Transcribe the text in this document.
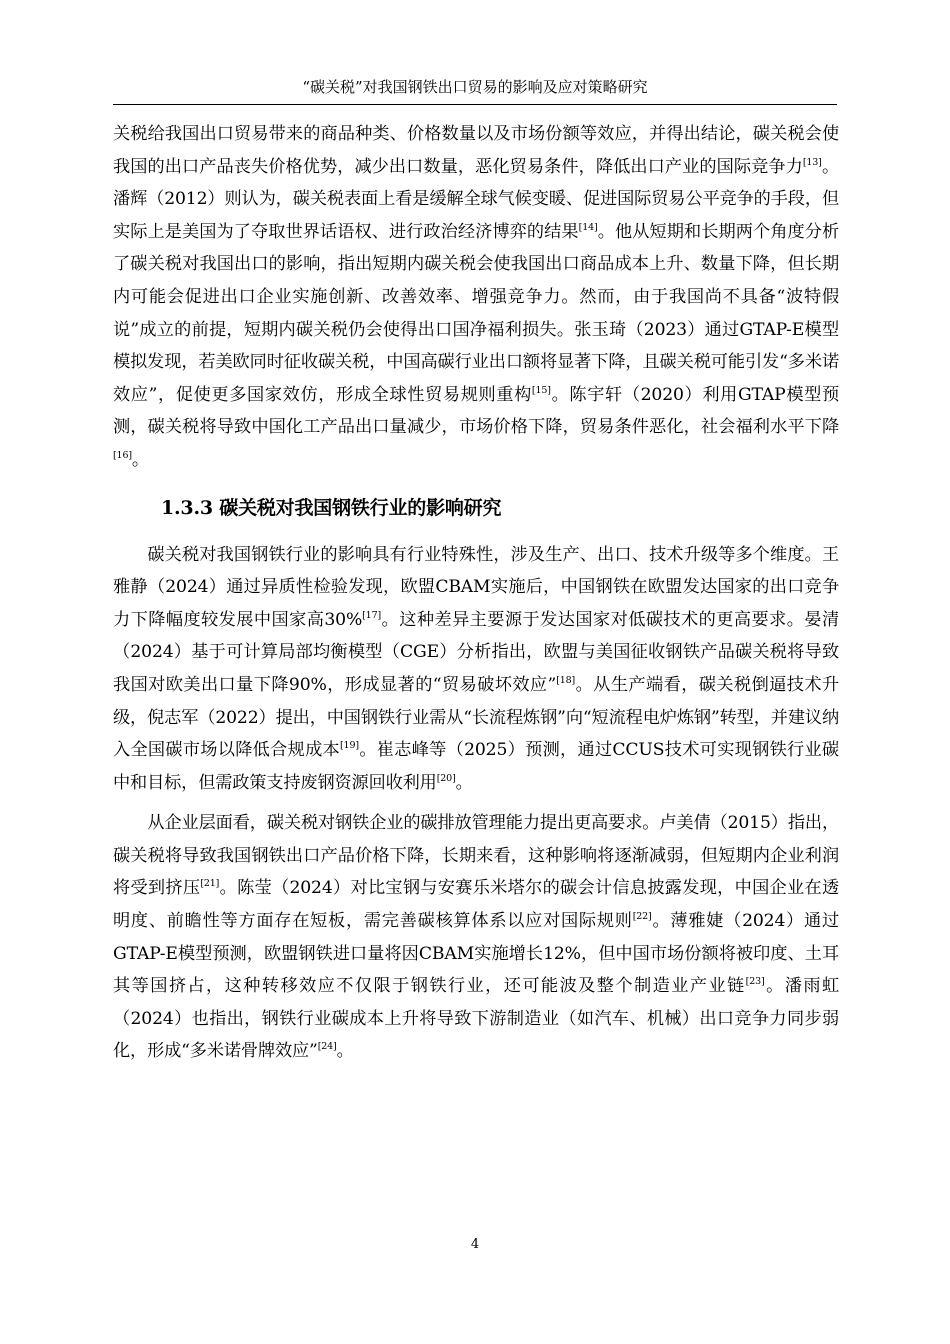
“碳关税”对我国钢铁出口贸易的影响及应对策略研究

关税给我国出口贸易带来的商品种类、价格数量以及市场份额等效应，并得出结论，碳关税会使我国的出口产品丧失价格优势，减少出口数量，恶化贸易条件，降低出口产业的国际竞争力[13]。潘辉（2012）则认为，碳关税表面上看是缓解全球气候变暖、促进国际贸易公平竞争的手段，但实际上是美国为了夺取世界话语权、进行政治经济博弈的结果[14]。他从短期和长期两个角度分析了碳关税对我国出口的影响，指出短期内碳关税会使我国出口商品成本上升、数量下降，但长期内可能会促进出口企业实施创新、改善效率、增强竞争力。然而，由于我国尚不具备“波特假说”成立的前提，短期内碳关税仍会使得出口国净福利损失。张玉琦（2023）通过GTAP-E模型模拟发现，若美欧同时征收碳关税，中国高碳行业出口额将显著下降，且碳关税可能引发“多米诺效应”，促使更多国家效仿，形成全球性贸易规则重构[15]。陈宇轩（2020）利用GTAP模型预测，碳关税将导致中国化工产品出口量减少，市场价格下降，贸易条件恶化，社会福利水平下降[16]。

1.3.3 碳关税对我国钢铁行业的影响研究

碳关税对我国钢铁行业的影响具有行业特殊性，涉及生产、出口、技术升级等多个维度。王雅静（2024）通过异质性检验发现，欧盟CBAM实施后，中国钢铁在欧盟发达国家的出口竞争力下降幅度较发展中国家高30%[17]。这种差异主要源于发达国家对低碳技术的更高要求。晏清（2024）基于可计算局部均衡模型（CGE）分析指出，欧盟与美国征收钢铁产品碳关税将导致我国对欧美出口量下降90%，形成显著的“贸易破坏效应”[18]。从生产端看，碳关税倒逼技术升级，倪志军（2022）提出，中国钢铁行业需从“长流程炼钢”向“短流程电炉炼钢”转型，并建议纳入全国碳市场以降低合规成本[19]。崔志峰等（2025）预测，通过CCUS技术可实现钢铁行业碳中和目标，但需政策支持废钢资源回收利用[20]。

从企业层面看，碳关税对钢铁企业的碳排放管理能力提出更高要求。卢美倩（2015）指出，碳关税将导致我国钢铁出口产品价格下降，长期来看，这种影响将逐渐减弱，但短期内企业利润将受到挤压[21]。陈莹（2024）对比宝钢与安赛乐米塔尔的碳会计信息披露发现，中国企业在透明度、前瞻性等方面存在短板，需完善碳核算体系以应对国际规则[22]。薄雅婕（2024）通过GTAP-E模型预测，欧盟钢铁进口量将因CBAM实施增长12%，但中国市场份额将被印度、土耳其等国挤占，这种转移效应不仅限于钢铁行业，还可能波及整个制造业产业链[23]。潘雨虹（2024）也指出，钢铁行业碳成本上升将导致下游制造业（如汽车、机械）出口竞争力同步弱化，形成“多米诺骨牌效应”[24]。

4
